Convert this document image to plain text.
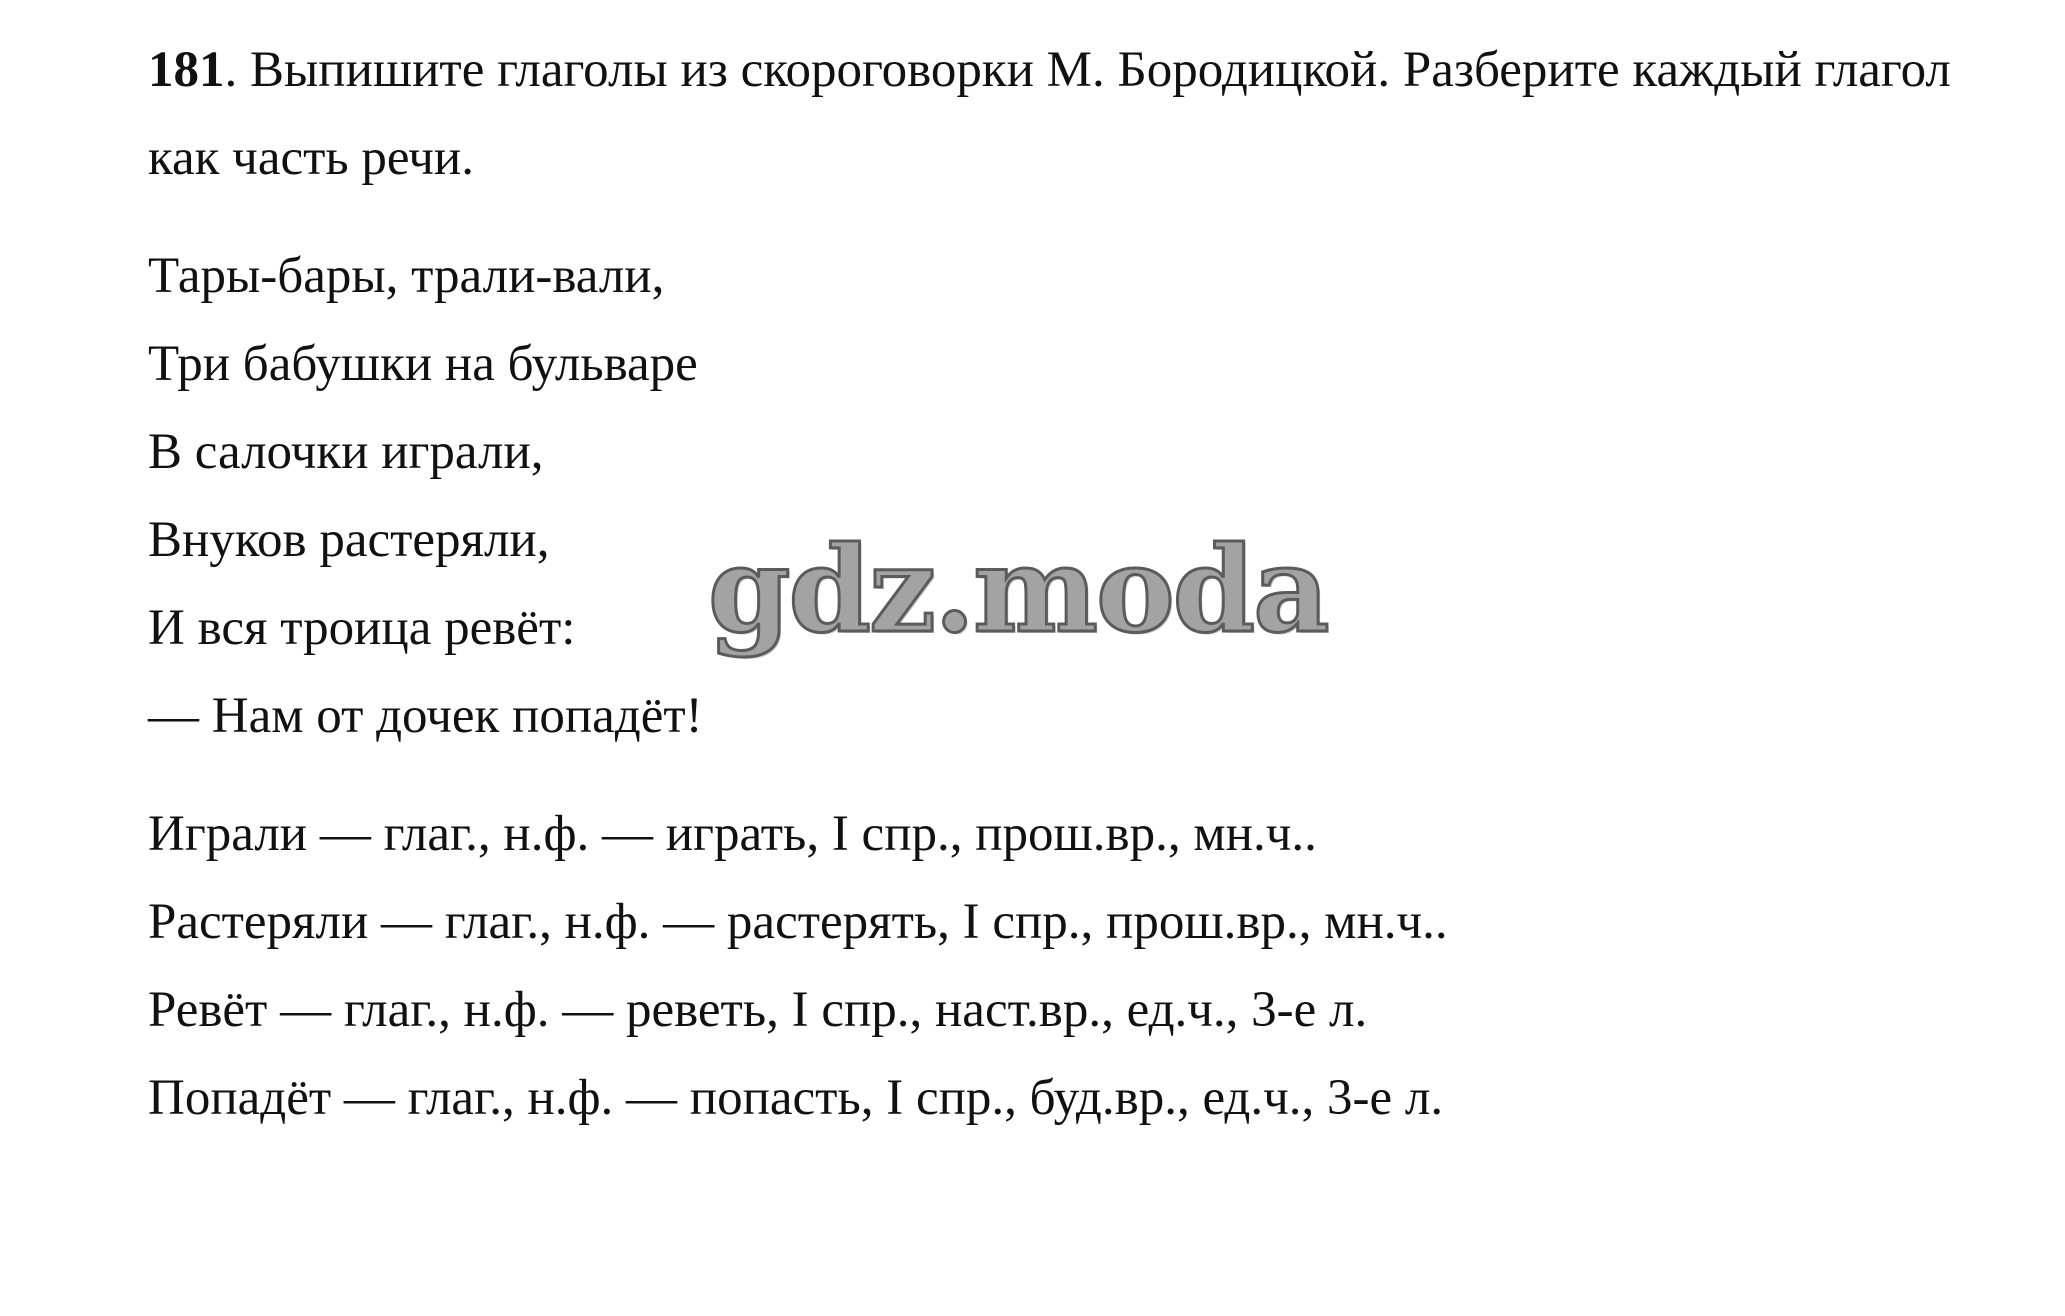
181. Выпишите глаголы из скороговорки М. Бородицкой. Разберите каждый глагол как часть речи.
Тары-бары, трали-вали,
Три бабушки на бульваре
В салочки играли,
Внуков растеряли,
И вся троица ревёт:
— Нам от дочек попадёт!
Играли — глаг., н.ф. — играть, I спр., прош.вр., мн.ч..
Растеряли — глаг., н.ф. — растерять, I спр., прош.вр., мн.ч..
Ревёт — глаг., н.ф. — реветь, I спр., наст.вр., ед.ч., 3-е л.
Попадёт — глаг., н.ф. — попасть, I спр., буд.вр., ед.ч., 3-е л.
gdz.moda
